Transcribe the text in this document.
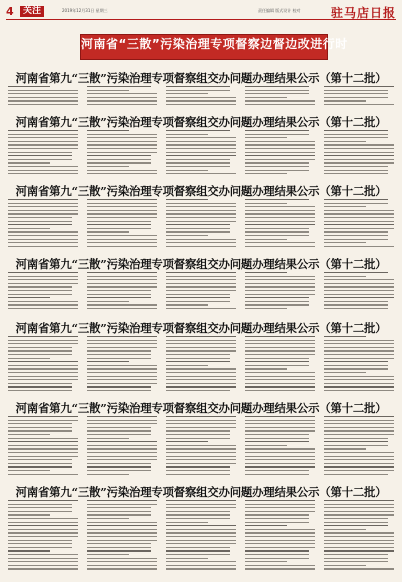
4	关注	2019年12月31日 星期三	责任编辑 版式设计 校对	驻马店日报
河南省“三散”污染治理专项督察边督边改进行时
河南省第九“三散”污染治理专项督察组交办问题办理结果公示（第十二批）
河南省第九“三散”污染治理专项督察组交办问题办理结果公示（第十二批）
河南省第九“三散”污染治理专项督察组交办问题办理结果公示（第十二批）
河南省第九“三散”污染治理专项督察组交办问题办理结果公示（第十二批）
河南省第九“三散”污染治理专项督察组交办问题办理结果公示（第十二批）
河南省第九“三散”污染治理专项督察组交办问题办理结果公示（第十二批）
河南省第九“三散”污染治理专项督察组交办问题办理结果公示（第十二批）
